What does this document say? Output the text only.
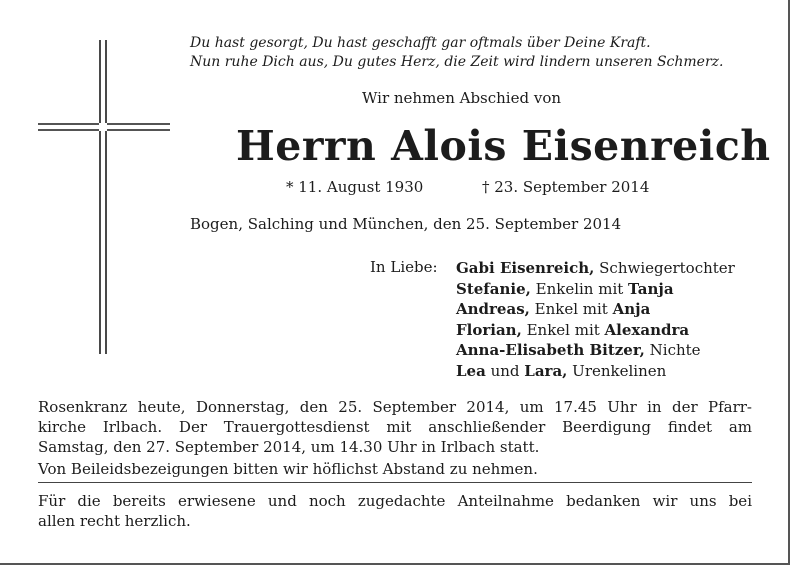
Du hast gesorgt, Du hast geschafft gar oftmals über Deine Kraft.
Nun ruhe Dich aus, Du gutes Herz, die Zeit wird lindern unseren Schmerz.
Wir nehmen Abschied von
Herrn Alois Eisenreich
* 11. August 1930	† 23. September 2014
Bogen, Salching und München, den 25. September 2014
In Liebe: Gabi Eisenreich, Schwiegertochter
Stefanie, Enkelin mit Tanja
Andreas, Enkel mit Anja
Florian, Enkel mit Alexandra
Anna-Elisabeth Bitzer, Nichte
Lea und Lara, Urenkelinen
Rosenkranz heute, Donnerstag, den 25. September 2014, um 17.45 Uhr in der Pfarr-
kirche Irlbach. Der Trauergottesdienst mit anschließender Beerdigung findet am
Samstag, den 27. September 2014, um 14.30 Uhr in Irlbach statt.
Von Beileidsbezeigungen bitten wir höflichst Abstand zu nehmen.
Für die bereits erwiesene und noch zugedachte Anteilnahme bedanken wir uns bei
allen recht herzlich.
